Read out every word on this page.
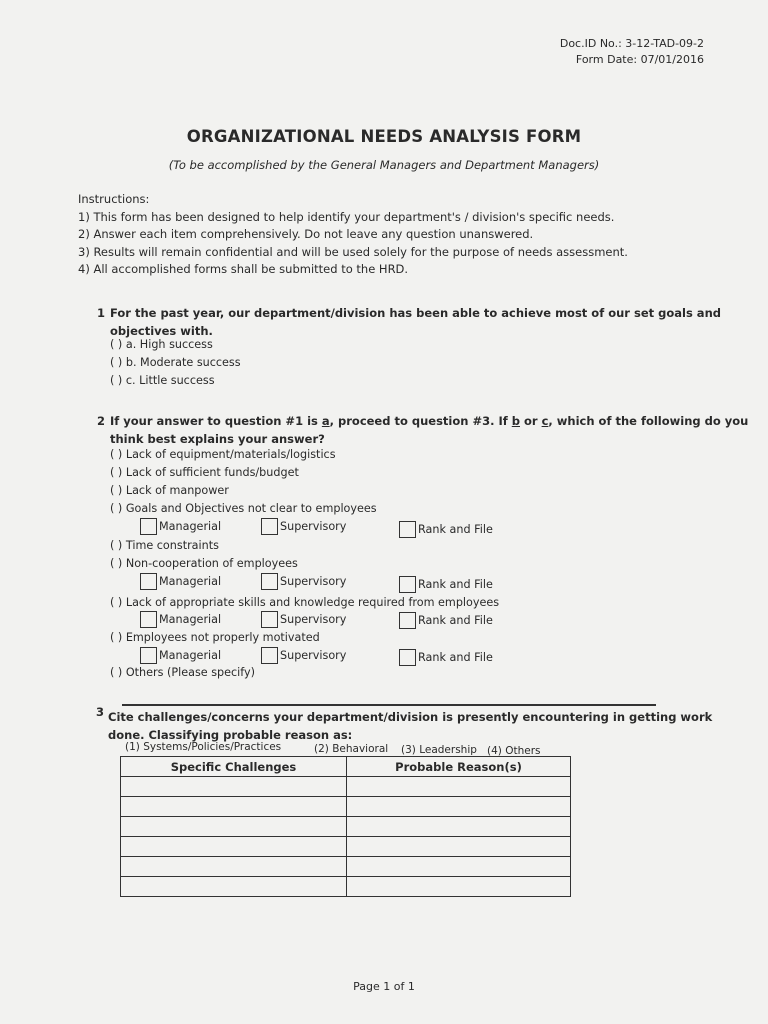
Doc.ID No.: 3-12-TAD-09-2
Form Date: 07/01/2016
ORGANIZATIONAL NEEDS ANALYSIS FORM
(To be accomplished by the General Managers and Department Managers)
Instructions:
1) This form has been designed to help identify your department's / division's specific needs.
2) Answer each item comprehensively. Do not leave any question unanswered.
3) Results will remain confidential and will be used solely for the purpose of needs assessment.
4) All accomplished forms shall be submitted to the HRD.
1 For the past year, our department/division has been able to achieve most of our set goals and
objectives with.
( ) a. High success
( ) b. Moderate success
( ) c. Little success
2 If your answer to question #1 is a, proceed to question #3. If b or c, which of the following do you
think best explains your answer?
( ) Lack of equipment/materials/logistics
( ) Lack of sufficient funds/budget
( ) Lack of manpower
( ) Goals and Objectives not clear to employees
Managerial	Supervisory	Rank and File
( ) Time constraints
( ) Non-cooperation of employees
Managerial	Supervisory	Rank and File
( ) Lack of appropriate skills and knowledge required from employees
Managerial	Supervisory	Rank and File
( ) Employees not properly motivated
Managerial	Supervisory	Rank and File
( ) Others (Please specify)
3 Cite challenges/concerns your department/division is presently encountering in getting work
done. Classifying probable reason as:
(1) Systems/Policies/Practices	(2) Behavioral (3) Leadership (4) Others
Specific Challenges	Probable Reason(s)

Page 1 of 1
